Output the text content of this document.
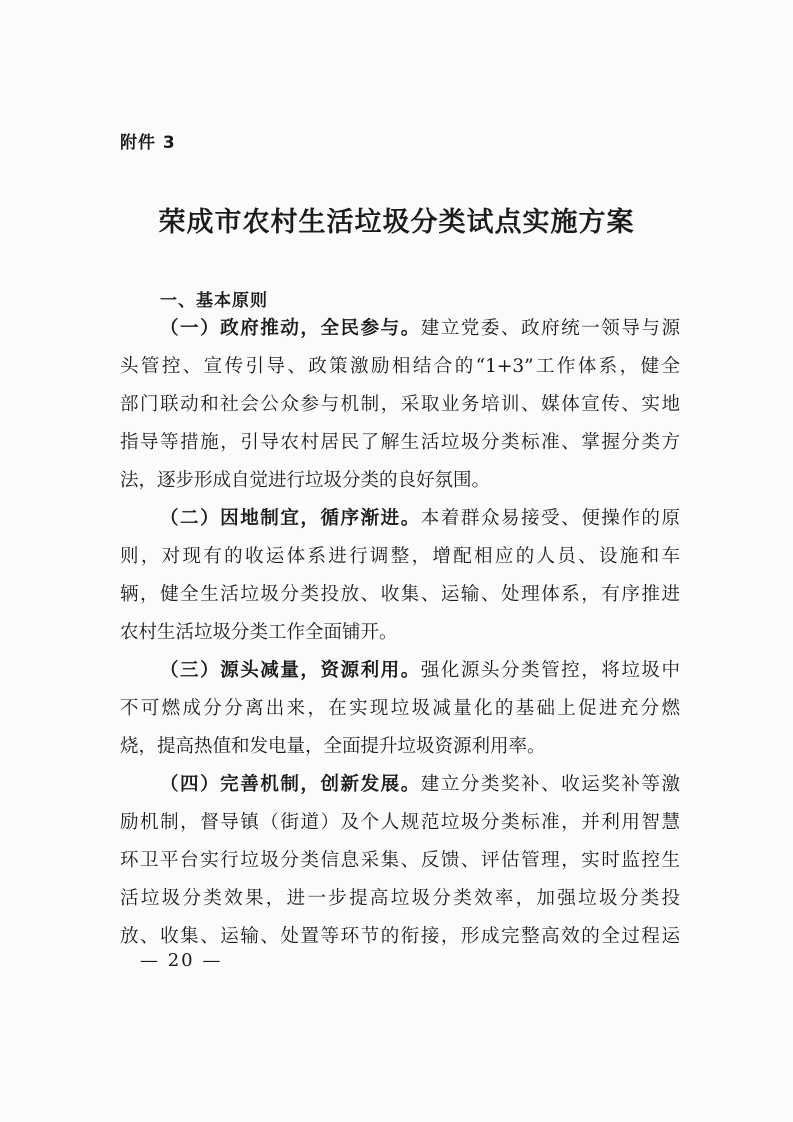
附件 3
荣成市农村生活垃圾分类试点实施方案
一、基本原则
（一）政府推动，全民参与。建立党委、政府统一领导与源
头管控、宣传引导、政策激励相结合的“1+3”工作体系，健全
部门联动和社会公众参与机制，采取业务培训、媒体宣传、实地
指导等措施，引导农村居民了解生活垃圾分类标准、掌握分类方
法，逐步形成自觉进行垃圾分类的良好氛围。
（二）因地制宜，循序渐进。本着群众易接受、便操作的原
则，对现有的收运体系进行调整，增配相应的人员、设施和车
辆，健全生活垃圾分类投放、收集、运输、处理体系，有序推进
农村生活垃圾分类工作全面铺开。
（三）源头减量，资源利用。强化源头分类管控，将垃圾中
不可燃成分分离出来，在实现垃圾减量化的基础上促进充分燃
烧，提高热值和发电量，全面提升垃圾资源利用率。
（四）完善机制，创新发展。建立分类奖补、收运奖补等激
励机制，督导镇（街道）及个人规范垃圾分类标准，并利用智慧
环卫平台实行垃圾分类信息采集、反馈、评估管理，实时监控生
活垃圾分类效果，进一步提高垃圾分类效率，加强垃圾分类投
放、收集、运输、处置等环节的衔接，形成完整高效的全过程运
— 20 —
